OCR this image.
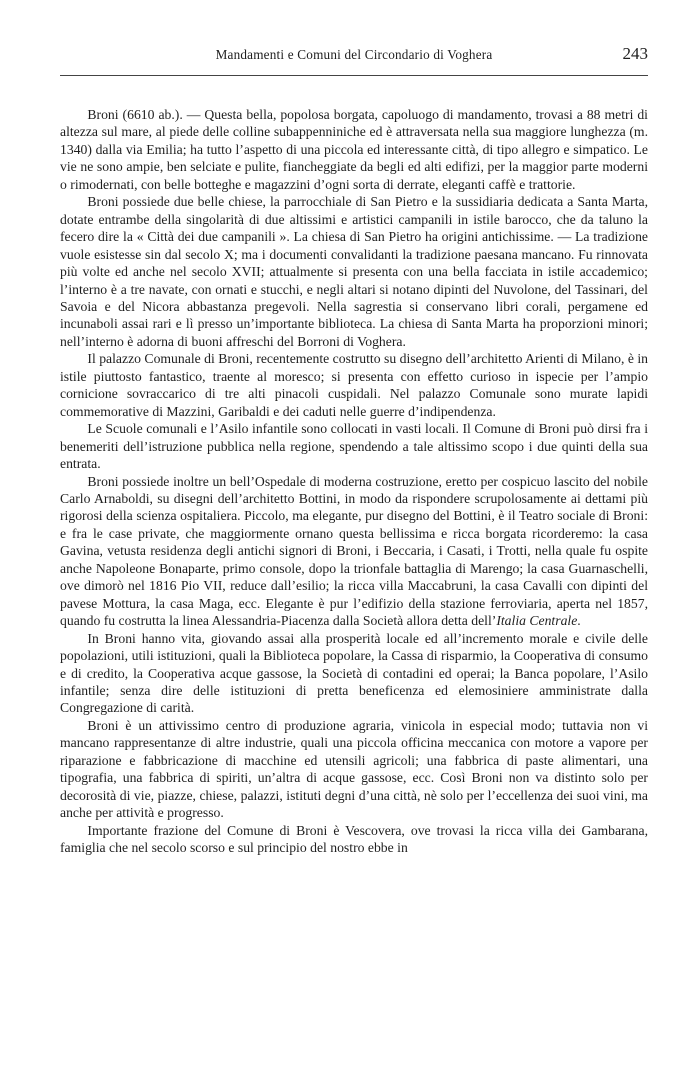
Mandamenti e Comuni del Circondario di Voghera	243

Broni (6610 ab.). — Questa bella, popolosa borgata, capoluogo di mandamento, trovasi a 88 metri di altezza sul mare, al piede delle colline subappenniniche ed è attraversata nella sua maggiore lunghezza (m. 1340) dalla via Emilia; ha tutto l’aspetto di una piccola ed interessante città, di tipo allegro e simpatico. Le vie ne sono ampie, ben selciate e pulite, fiancheggiate da begli ed alti edifizi, per la maggior parte moderni o rimodernati, con belle botteghe e magazzini d’ogni sorta di derrate, eleganti caffè e trattorie.

Broni possiede due belle chiese, la parrocchiale di San Pietro e la sussidiaria dedicata a Santa Marta, dotate entrambe della singolarità di due altissimi e artistici campanili in istile barocco, che da taluno la fecero dire la « Città dei due campanili ». La chiesa di San Pietro ha origini antichissime. — La tradizione vuole esistesse sin dal secolo X; ma i documenti convalidanti la tradizione paesana mancano. Fu rinnovata più volte ed anche nel secolo XVII; attualmente si presenta con una bella facciata in istile accademico; l’interno è a tre navate, con ornati e stucchi, e negli altari si notano dipinti del Nuvolone, del Tassinari, del Savoia e del Nicora abbastanza pregevoli. Nella sagrestia si conservano libri corali, pergamene ed incunaboli assai rari e lì presso un’importante biblioteca. La chiesa di Santa Marta ha proporzioni minori; nell’interno è adorna di buoni affreschi del Borroni di Voghera.

Il palazzo Comunale di Broni, recentemente costrutto su disegno dell’architetto Arienti di Milano, è in istile piuttosto fantastico, traente al moresco; si presenta con effetto curioso in ispecie per l’ampio cornicione sovraccarico di tre alti pinacoli cuspidali. Nel palazzo Comunale sono murate lapidi commemorative di Mazzini, Garibaldi e dei caduti nelle guerre d’indipendenza.

Le Scuole comunali e l’Asilo infantile sono collocati in vasti locali. Il Comune di Broni può dirsi fra i benemeriti dell’istruzione pubblica nella regione, spendendo a tale altissimo scopo i due quinti della sua entrata.

Broni possiede inoltre un bell’Ospedale di moderna costruzione, eretto per cospicuo lascito del nobile Carlo Arnaboldi, su disegni dell’architetto Bottini, in modo da rispondere scrupolosamente ai dettami più rigorosi della scienza ospitaliera. Piccolo, ma elegante, pur disegno del Bottini, è il Teatro sociale di Broni: e fra le case private, che maggiormente ornano questa bellissima e ricca borgata ricorderemo: la casa Gavina, vetusta residenza degli antichi signori di Broni, i Beccaria, i Casati, i Trotti, nella quale fu ospite anche Napoleone Bonaparte, primo console, dopo la trionfale battaglia di Marengo; la casa Guarnaschelli, ove dimorò nel 1816 Pio VII, reduce dall’esilio; la ricca villa Maccabruni, la casa Cavalli con dipinti del pavese Mottura, la casa Maga, ecc. Elegante è pur l’edifizio della stazione ferroviaria, aperta nel 1857, quando fu costrutta la linea Alessandria-Piacenza dalla Società allora detta dell’Italia Centrale.

In Broni hanno vita, giovando assai alla prosperità locale ed all’incremento morale e civile delle popolazioni, utili istituzioni, quali la Biblioteca popolare, la Cassa di risparmio, la Cooperativa di consumo e di credito, la Cooperativa acque gassose, la Società di contadini ed operai; la Banca popolare, l’Asilo infantile; senza dire delle istituzioni di pretta beneficenza ed elemosiniere amministrate dalla Congregazione di carità.

Broni è un attivissimo centro di produzione agraria, vinicola in especial modo; tuttavia non vi mancano rappresentanze di altre industrie, quali una piccola officina meccanica con motore a vapore per riparazione e fabbricazione di macchine ed utensili agricoli; una fabbrica di paste alimentari, una tipografia, una fabbrica di spiriti, un’altra di acque gassose, ecc. Così Broni non va distinto solo per decorosità di vie, piazze, chiese, palazzi, istituti degni d’una città, nè solo per l’eccellenza dei suoi vini, ma anche per attività e progresso.

Importante frazione del Comune di Broni è Vescovera, ove trovasi la ricca villa dei Gambarana, famiglia che nel secolo scorso e sul principio del nostro ebbe in
